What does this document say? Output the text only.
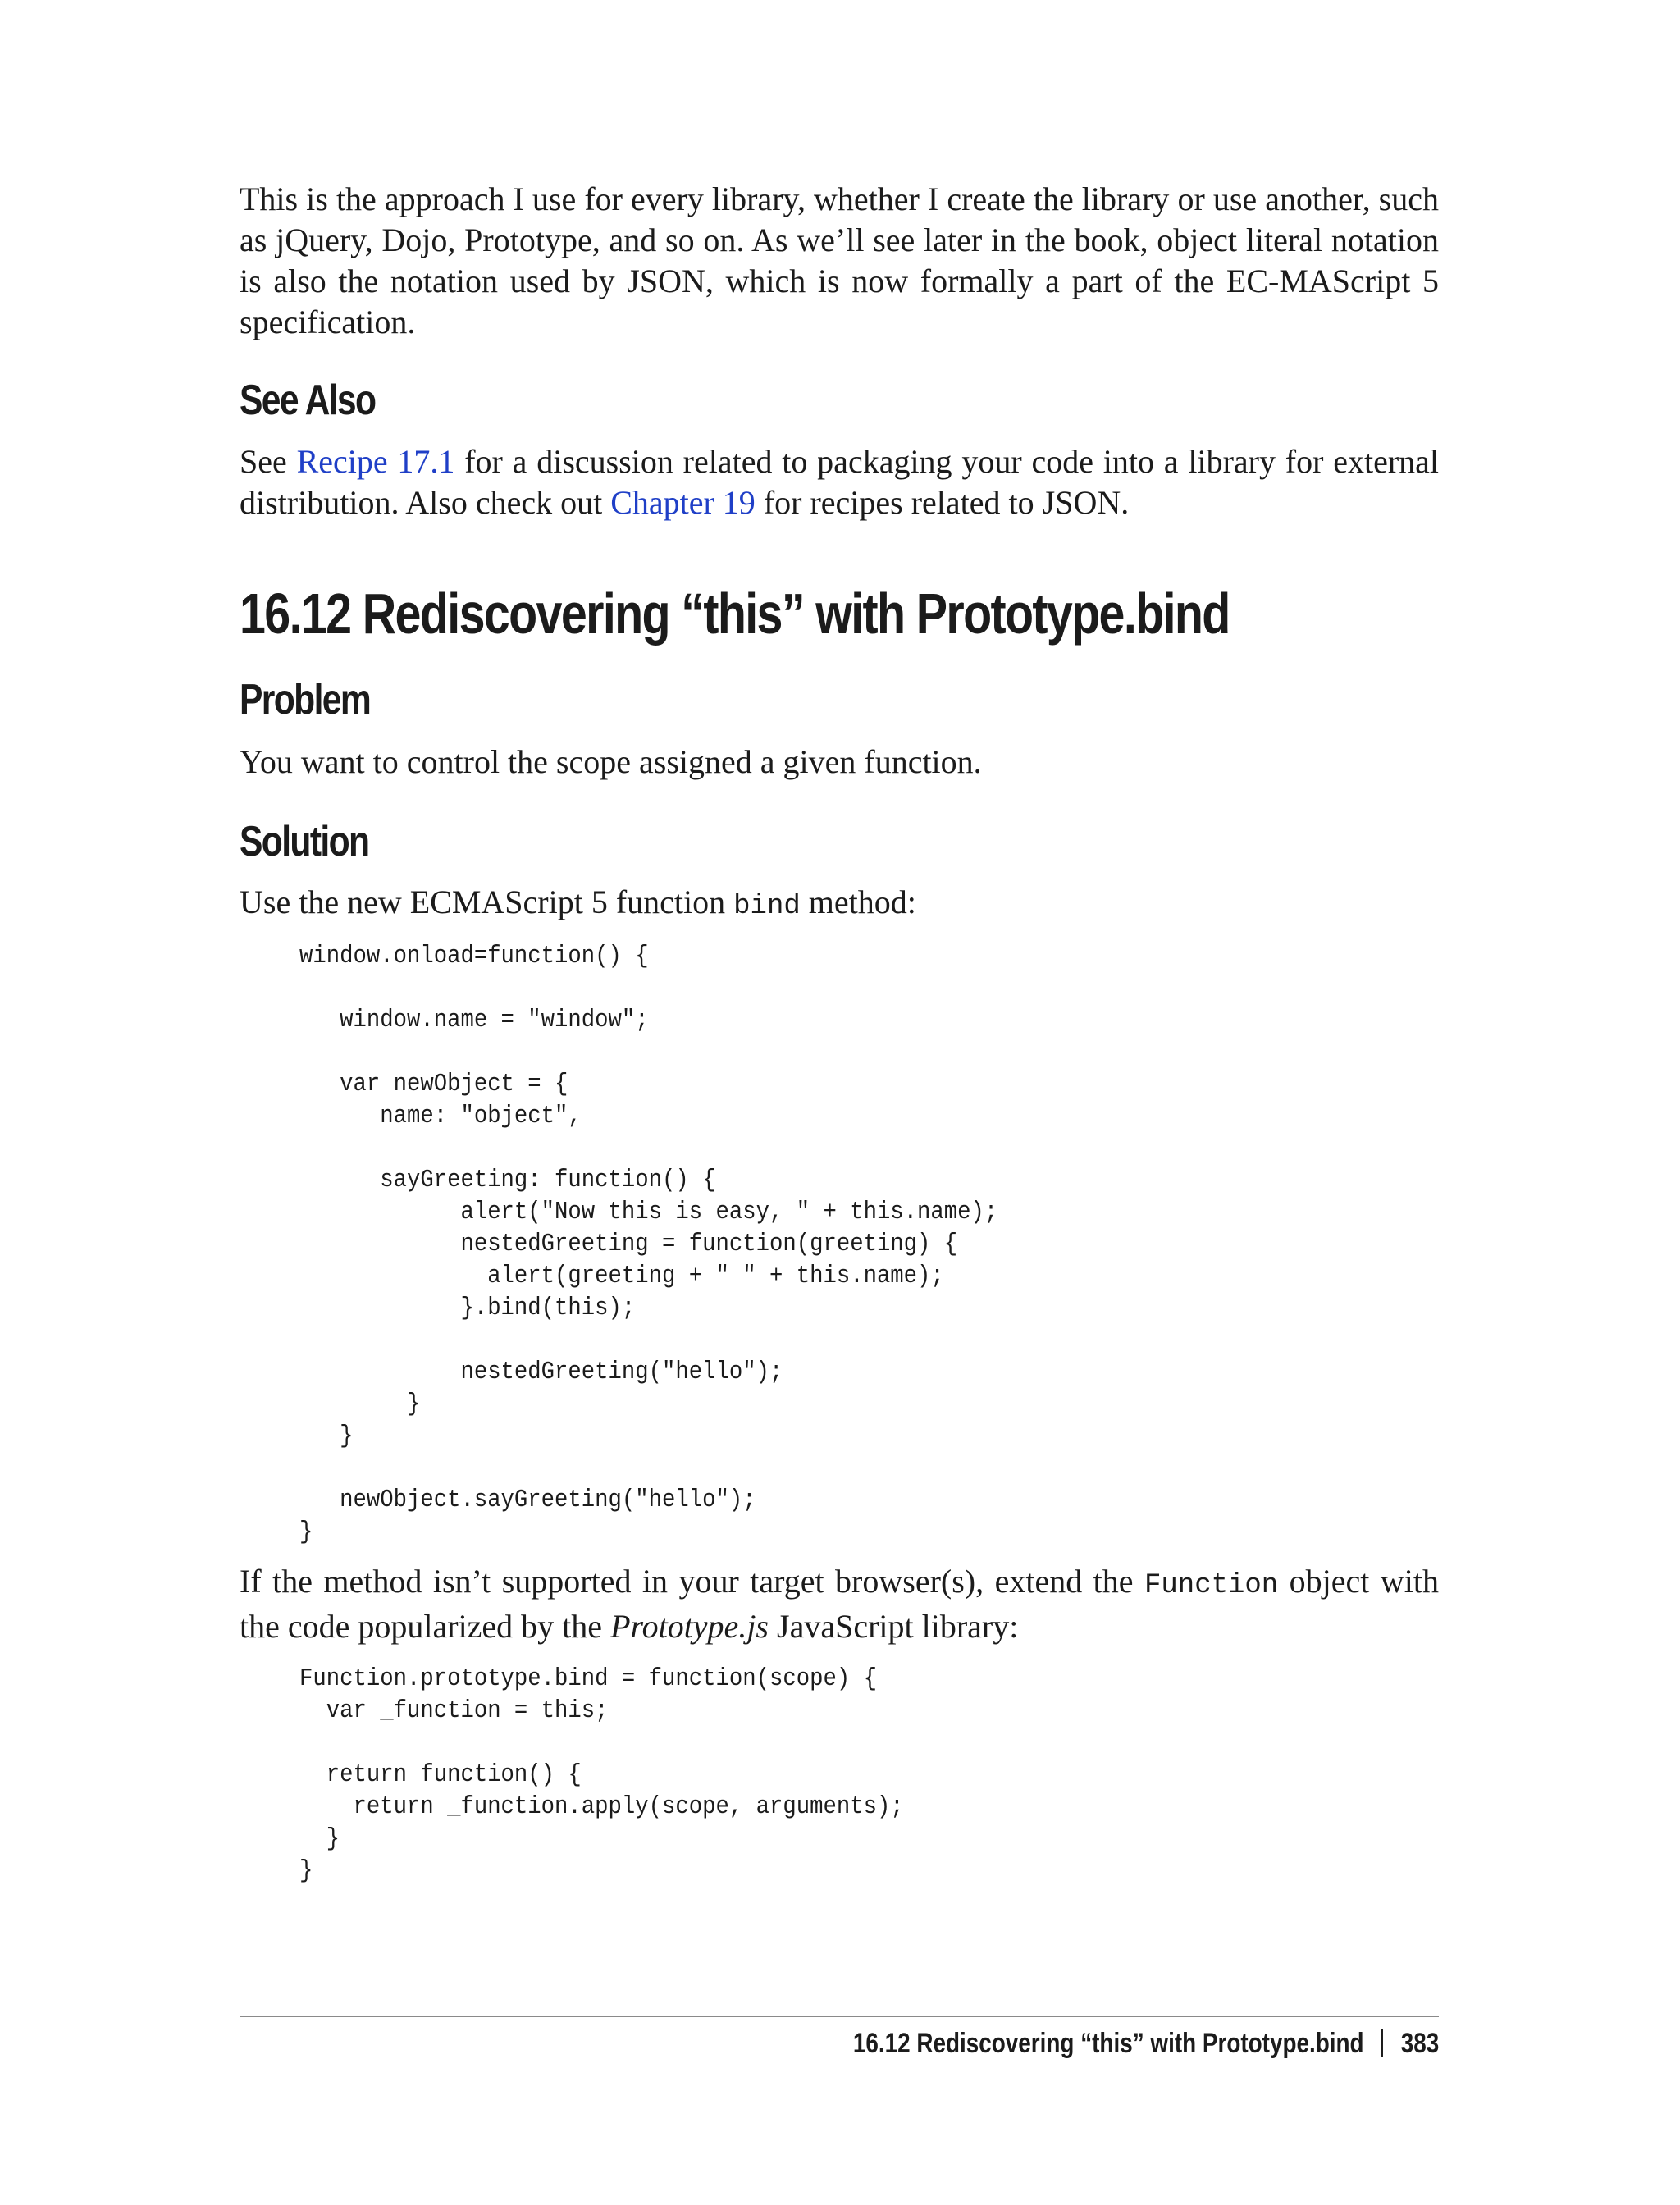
This is the approach I use for every library, whether I create the library or use another, such as jQuery, Dojo, Prototype, and so on. As we’ll see later in the book, object literal notation is also the notation used by JSON, which is now formally a part of the EC-MAScript 5 specification.

See Also

See Recipe 17.1 for a discussion related to packaging your code into a library for external distribution. Also check out Chapter 19 for recipes related to JSON.

16.12 Rediscovering “this” with Prototype.bind
Problem

You want to control the scope assigned a given function.

Solution

Use the new ECMAScript 5 function bind method:

window.onload=function() {

window.name = "window";

var newObject = {
name: "object",

sayGreeting: function() {
alert("Now this is easy, " + this.name);
nestedGreeting = function(greeting) {
alert(greeting + " " + this.name);
}.bind(this);

nestedGreeting("hello");
}
}

newObject.sayGreeting("hello");
}

If the method isn’t supported in your target browser(s), extend the Function object with the code popularized by the Prototype.js JavaScript library:

Function.prototype.bind = function(scope) {
var _function = this;

return function() {
return _function.apply(scope, arguments);
}
}
16.12 Rediscovering “this” with Prototype.bind 383
